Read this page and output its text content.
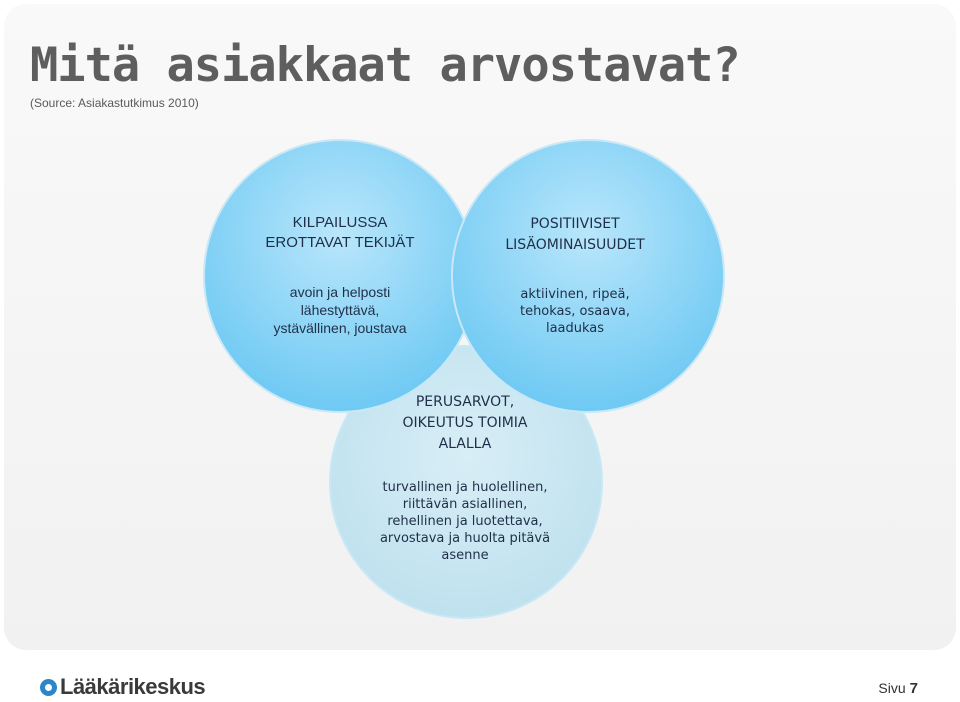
Mitä asiakkaat arvostavat?
(Source: Asiakastutkimus 2010)
KILPAILUSSA
EROTTAVAT TEKIJÄT
avoin ja helposti
lähestyttävä,
ystävällinen, joustava
POSITIIVISET
LISÄOMINAISUUDET
aktiivinen, ripeä,
tehokas, osaava,
laadukas
PERUSARVOT,
OIKEUTUS TOIMIA
ALALLA
turvallinen ja huolellinen,
riittävän asiallinen,
rehellinen ja luotettava,
arvostava ja huolta pitävä
asenne
Lääkärikeskus	Sivu 7
